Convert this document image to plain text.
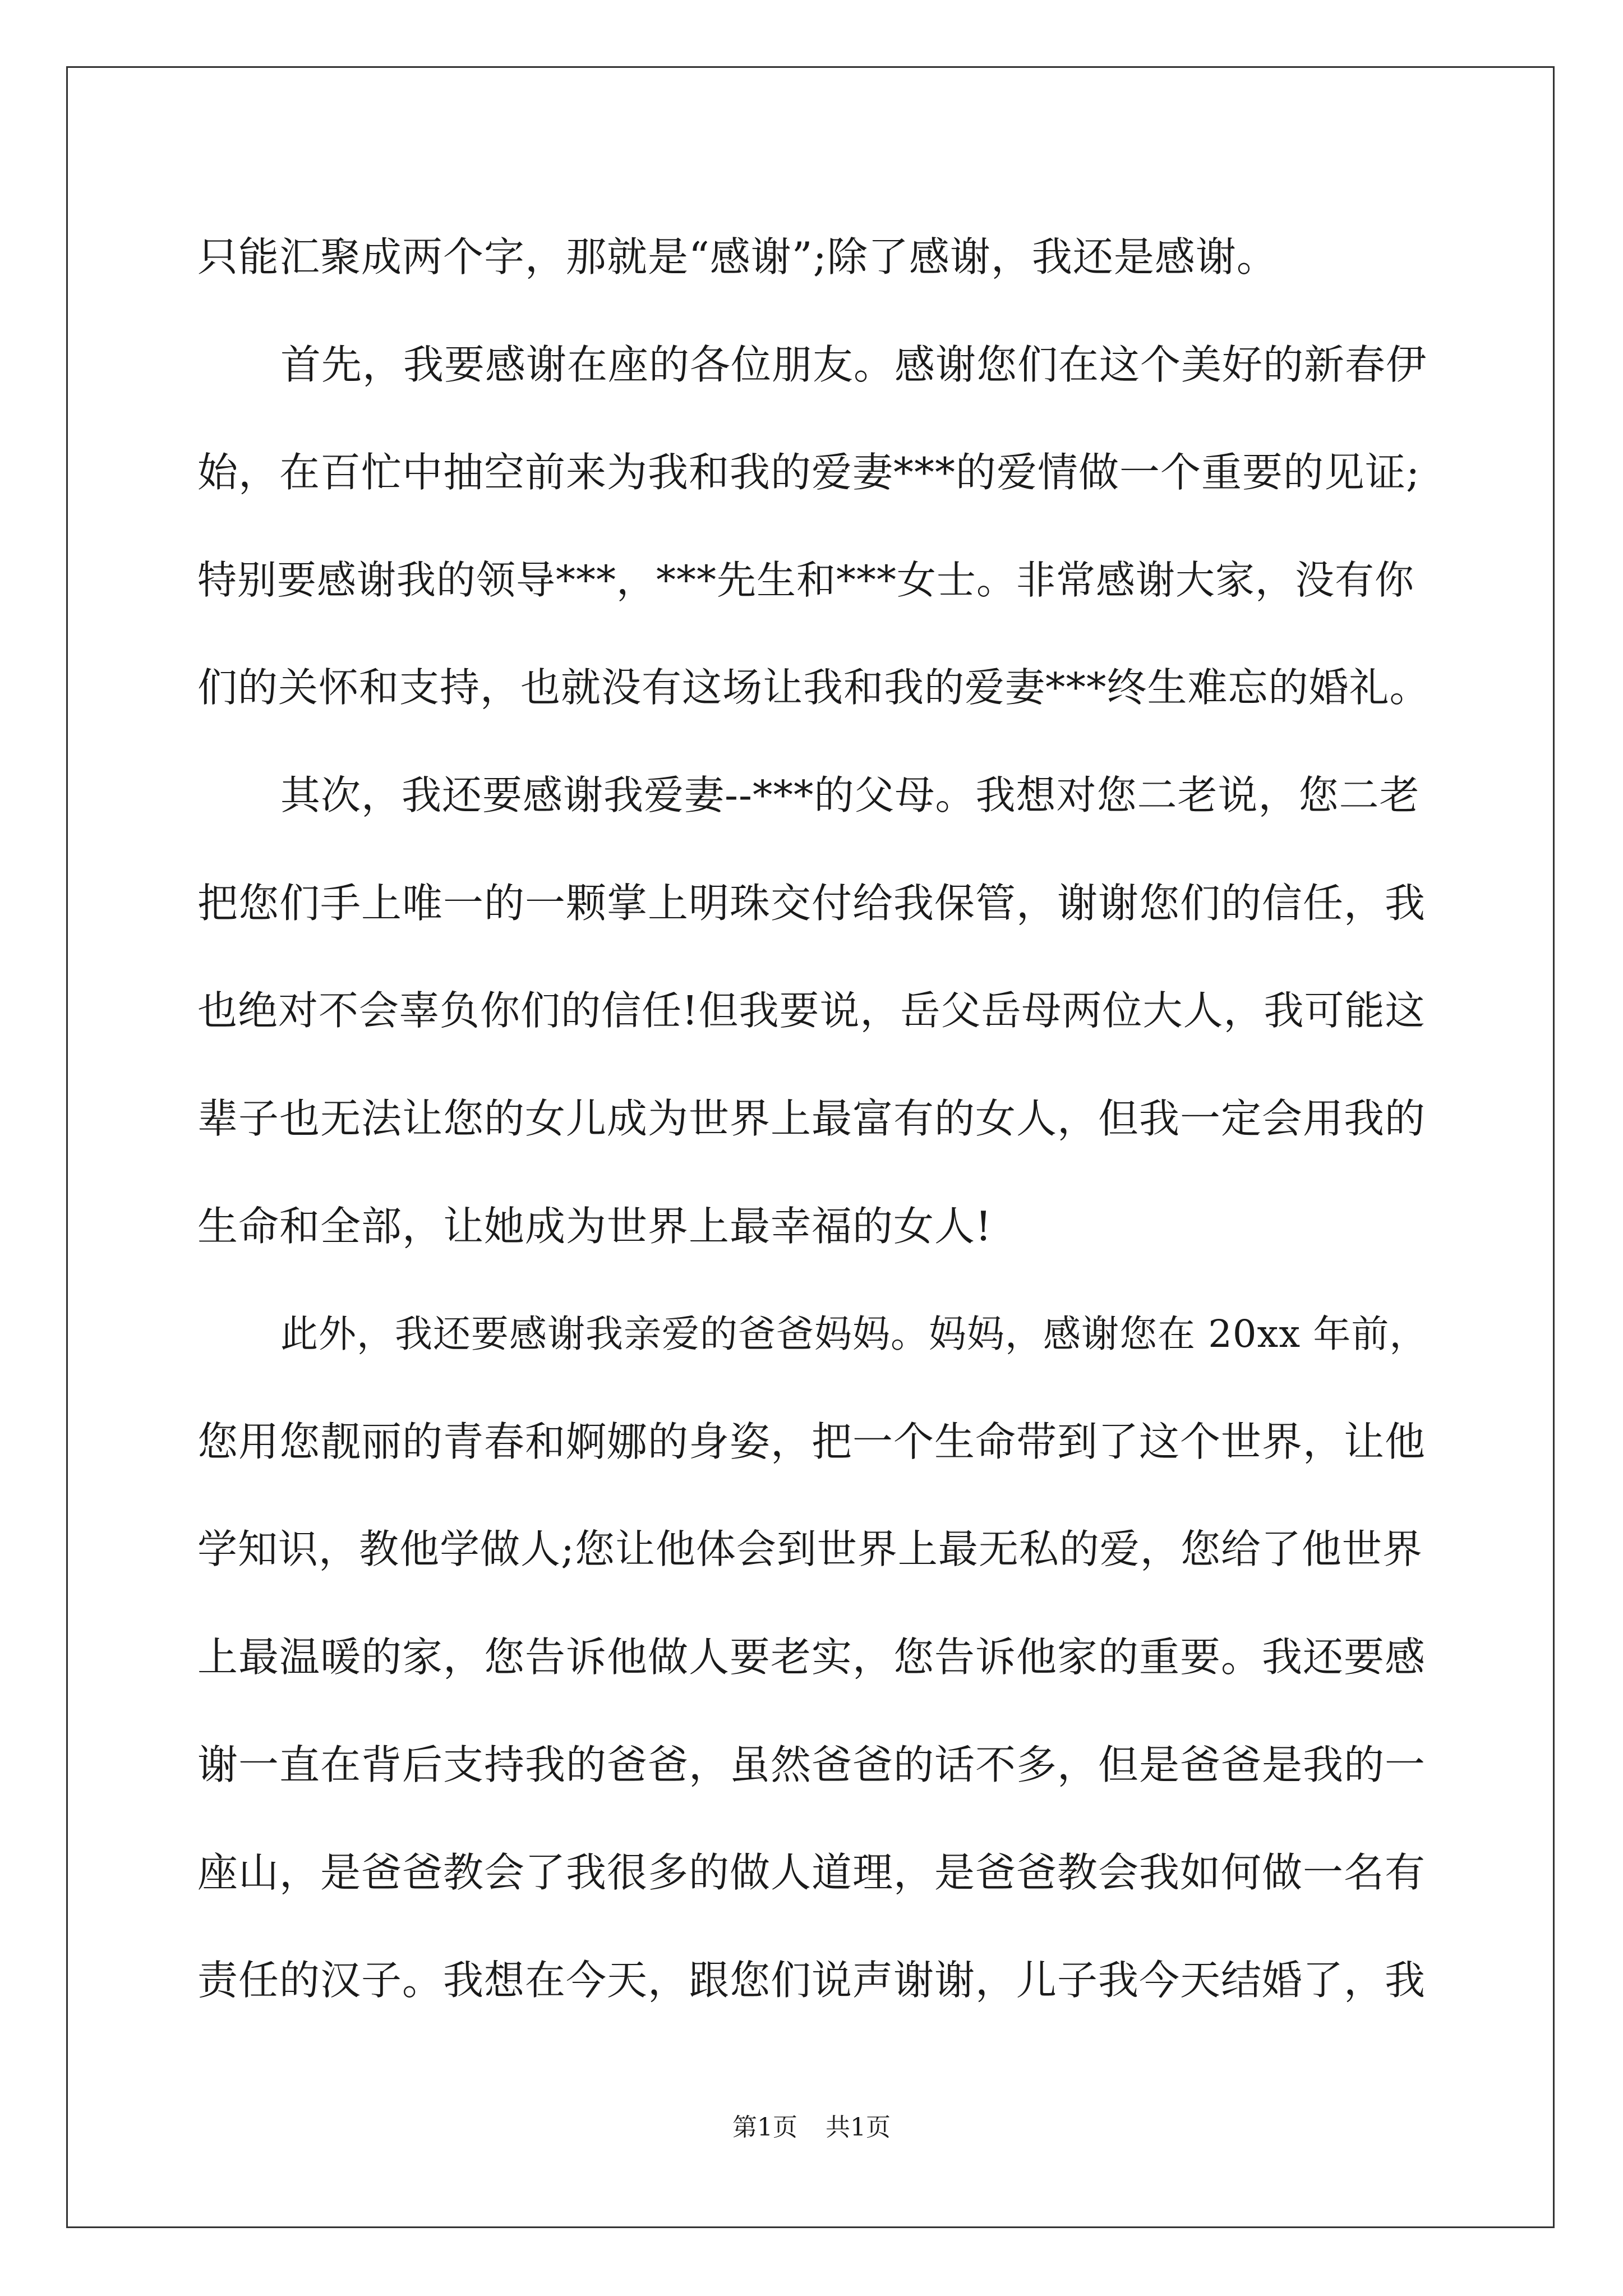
只能汇聚成两个字，那就是“感谢”;除了感谢，我还是感谢。
首先，我要感谢在座的各位朋友。感谢您们在这个美好的新春伊
始，在百忙中抽空前来为我和我的爱妻***的爱情做一个重要的见证;
特别要感谢我的领导***，***先生和***女士。非常感谢大家，没有你
们的关怀和支持，也就没有这场让我和我的爱妻***终生难忘的婚礼。
其次，我还要感谢我爱妻--***的父母。我想对您二老说，您二老
把您们手上唯一的一颗掌上明珠交付给我保管，谢谢您们的信任，我
也绝对不会辜负你们的信任!但我要说，岳父岳母两位大人，我可能这
辈子也无法让您的女儿成为世界上最富有的女人，但我一定会用我的
生命和全部，让她成为世界上最幸福的女人!
此外，我还要感谢我亲爱的爸爸妈妈。妈妈，感谢您在 20xx 年前，
您用您靓丽的青春和婀娜的身姿，把一个生命带到了这个世界，让他
学知识，教他学做人;您让他体会到世界上最无私的爱，您给了他世界
上最温暖的家，您告诉他做人要老实，您告诉他家的重要。我还要感
谢一直在背后支持我的爸爸，虽然爸爸的话不多，但是爸爸是我的一
座山，是爸爸教会了我很多的做人道理，是爸爸教会我如何做一名有
责任的汉子。我想在今天，跟您们说声谢谢，儿子我今天结婚了，我
第1页 共1页
